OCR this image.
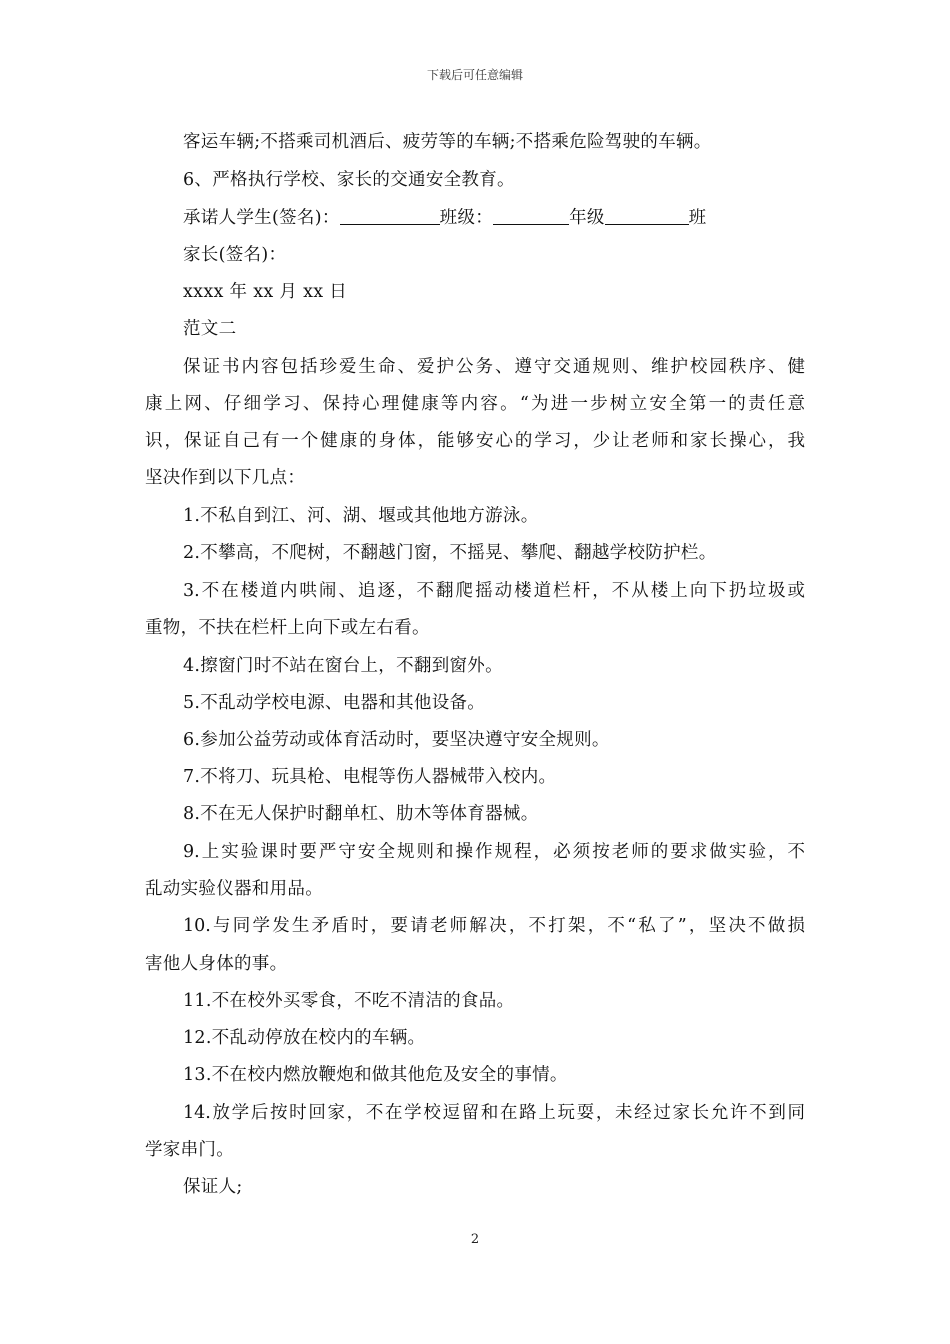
下载后可任意编辑
客运车辆;不搭乘司机酒后、疲劳等的车辆;不搭乘危险驾驶的车辆。
6、严格执行学校、家长的交通安全教育。
承诺人学生(签名)：	班级：	年级	班
家长(签名)：
xxxx 年 xx 月 xx 日
范文二
保证书内容包括珍爱生命、爱护公务、遵守交通规则、维护校园秩序、健
康上网、仔细学习、保持心理健康等内容。“为进一步树立安全第一的责任意
识，保证自己有一个健康的身体，能够安心的学习，少让老师和家长操心，我
坚决作到以下几点：
1.不私自到江、河、湖、堰或其他地方游泳。
2.不攀高，不爬树，不翻越门窗，不摇晃、攀爬、翻越学校防护栏。
3.不在楼道内哄闹、追逐，不翻爬摇动楼道栏杆，不从楼上向下扔垃圾或
重物，不扶在栏杆上向下或左右看。
4.擦窗门时不站在窗台上，不翻到窗外。
5.不乱动学校电源、电器和其他设备。
6.参加公益劳动或体育活动时，要坚决遵守安全规则。
7.不将刀、玩具枪、电棍等伤人器械带入校内。
8.不在无人保护时翻单杠、肋木等体育器械。
9.上实验课时要严守安全规则和操作规程，必须按老师的要求做实验，不
乱动实验仪器和用品。
10.与同学发生矛盾时，要请老师解决，不打架，不“私了”，坚决不做损
害他人身体的事。
11.不在校外买零食，不吃不清洁的食品。
12.不乱动停放在校内的车辆。
13.不在校内燃放鞭炮和做其他危及安全的事情。
14.放学后按时回家，不在学校逗留和在路上玩耍，未经过家长允许不到同
学家串门。
保证人;
2
